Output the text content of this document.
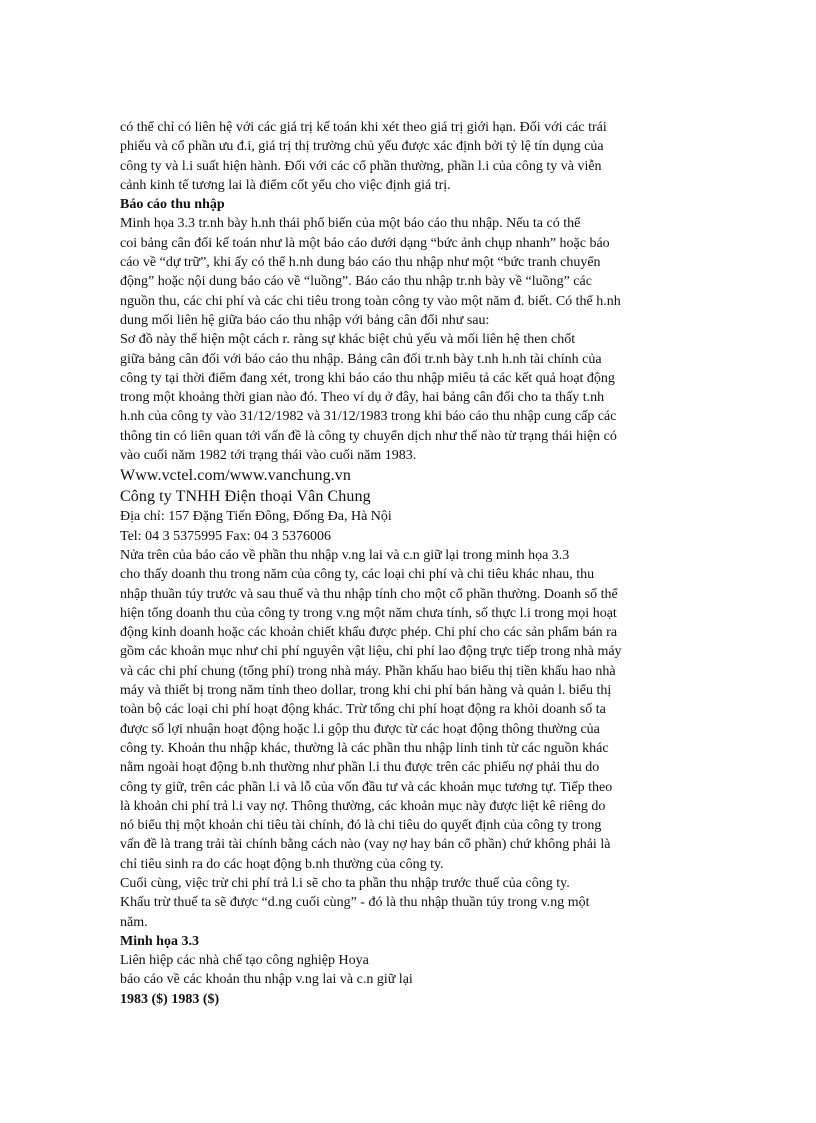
có thể chỉ có liên hệ với các giá trị kế toán khi xét theo giá trị giới hạn. Đối với các trái
phiếu và cổ phần ưu đ.i, giá trị thị trường chủ yếu được xác định bởi tỷ lệ tín dụng của
công ty và l.i suất hiện hành. Đối với các cổ phần thường, phần l.i của công ty và viễn
cảnh kinh tế tương lai là điểm cốt yếu cho việc định giá trị.
Báo cáo thu nhập
Minh họa 3.3 tr.nh bày h.nh thái phổ biến của một báo cáo thu nhập. Nếu ta có thể
coi bảng cân đối kế toán như là một báo cáo dưới dạng “bức ảnh chụp nhanh” hoặc báo
cáo về “dự trữ”, khi ấy có thể h.nh dung báo cáo thu nhập như một “bức tranh chuyển
động” hoặc nội dung báo cáo về “luồng”. Báo cáo thu nhập tr.nh bày về “luồng” các
nguồn thu, các chi phí và các chi tiêu trong toàn công ty vào một năm đ. biết. Có thể h.nh
dung mối liên hệ giữa báo cáo thu nhập với bảng cân đối như sau:
Sơ đồ này thể hiện một cách r. ràng sự khác biệt chủ yếu và mối liên hệ then chốt
giữa bảng cân đối với báo cáo thu nhập. Bảng cân đối tr.nh bày t.nh h.nh tài chính của
công ty tại thời điểm đang xét, trong khi báo cáo thu nhập miêu tả các kết quả hoạt động
trong một khoảng thời gian nào đó. Theo ví dụ ở đây, hai bảng cân đối cho ta thấy t.nh
h.nh của công ty vào 31/12/1982 và 31/12/1983 trong khi báo cáo thu nhập cung cấp các
thông tin có liên quan tới vấn đề là công ty chuyển dịch như thế nào từ trạng thái hiện có
vào cuối năm 1982 tới trạng thái vào cuối năm 1983.
Www.vctel.com/www.vanchung.vn
Công ty TNHH Điện thoại Vân Chung
Địa chỉ: 157 Đặng Tiến Đông, Đống Đa, Hà Nội
Tel: 04 3 5375995 Fax: 04 3 5376006
Nửa trên của báo cáo về phần thu nhập v.ng lai và c.n giữ lại trong minh họa 3.3
cho thấy doanh thu trong năm của công ty, các loại chi phí và chi tiêu khác nhau, thu
nhập thuần túy trước và sau thuế và thu nhập tính cho một cổ phần thường. Doanh số thể
hiện tổng doanh thu của công ty trong v.ng một năm chưa tính, số thực l.i trong mọi hoạt
động kinh doanh hoặc các khoản chiết khấu được phép. Chi phí cho các sản phẩm bán ra
gồm các khoản mục như chi phí nguyên vật liệu, chi phí lao động trực tiếp trong nhà máy
và các chi phí chung (tổng phí) trong nhà máy. Phần khấu hao biểu thị tiền khấu hao nhà
máy và thiết bị trong năm tính theo dollar, trong khi chi phí bán hàng và quản l. biểu thị
toàn bộ các loại chi phí hoạt động khác. Trừ tổng chi phí hoạt động ra khỏi doanh số ta
được số lợi nhuận hoạt động hoặc l.i gộp thu được từ các hoạt động thông thường của
công ty. Khoản thu nhập khác, thường là các phần thu nhập linh tinh từ các nguồn khác
nằm ngoài hoạt động b.nh thường như phần l.i thu được trên các phiếu nợ phải thu do
công ty giữ, trên các phần l.i và lỗ của vốn đầu tư và các khoản mục tương tự. Tiếp theo
là khoản chi phí trả l.i vay nợ. Thông thường, các khoản mục này được liệt kê riêng do
nó biểu thị một khoản chi tiêu tài chính, đó là chi tiêu do quyết định của công ty trong
vấn đề là trang trải tài chính bằng cách nào (vay nợ hay bán cổ phần) chứ không phải là
chỉ tiêu sinh ra do các hoạt động b.nh thường của công ty.
Cuối cùng, việc trừ chi phí trả l.i sẽ cho ta phần thu nhập trước thuế của công ty.
Khấu trừ thuế ta sẽ được “d.ng cuối cùng” - đó là thu nhập thuần túy trong v.ng một
năm.
Minh họa 3.3
Liên hiệp các nhà chế tạo công nghiệp Hoya
báo cáo về các khoản thu nhập v.ng lai và c.n giữ lại
1983 ($) 1983 ($)
